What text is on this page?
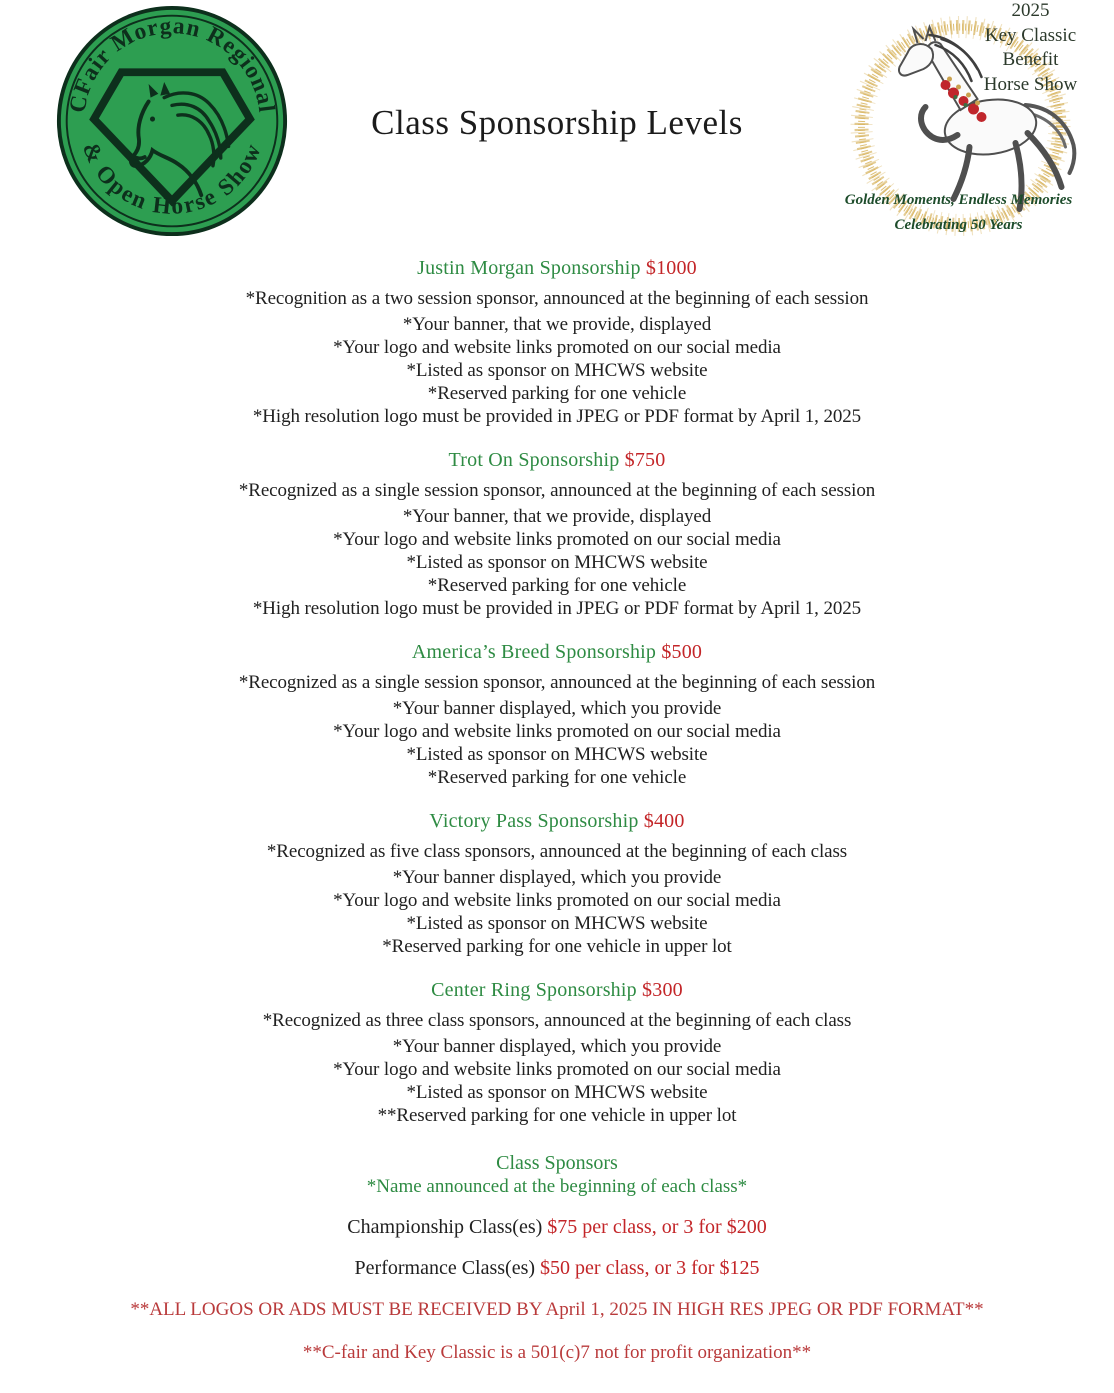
CFair Morgan Regional
& Open Horse Show
Class Sponsorship Levels
2025
Key Classic
Benefit
Horse Show
Golden Moments, Endless Memories
Celebrating 50 Years
Justin Morgan Sponsorship $1000

*Recognition as a two session sponsor, announced at the beginning of each session

*Your banner, that we provide, displayed

*Your logo and website links promoted on our social media

*Listed as sponsor on MHCWS website

*Reserved parking for one vehicle

*High resolution logo must be provided in JPEG or PDF format by April 1, 2025

Trot On Sponsorship $750

*Recognized as a single session sponsor, announced at the beginning of each session

*Your banner, that we provide, displayed

*Your logo and website links promoted on our social media

*Listed as sponsor on MHCWS website

*Reserved parking for one vehicle

*High resolution logo must be provided in JPEG or PDF format by April 1, 2025

America’s Breed Sponsorship $500

*Recognized as a single session sponsor, announced at the beginning of each session

*Your banner displayed, which you provide

*Your logo and website links promoted on our social media

*Listed as sponsor on MHCWS website

*Reserved parking for one vehicle

Victory Pass Sponsorship $400

*Recognized as five class sponsors, announced at the beginning of each class

*Your banner displayed, which you provide

*Your logo and website links promoted on our social media

*Listed as sponsor on MHCWS website

*Reserved parking for one vehicle in upper lot

Center Ring Sponsorship $300

*Recognized as three class sponsors, announced at the beginning of each class

*Your banner displayed, which you provide

*Your logo and website links promoted on our social media

*Listed as sponsor on MHCWS website

**Reserved parking for one vehicle in upper lot

Class Sponsors

*Name announced at the beginning of each class*

Championship Class(es) $75 per class, or 3 for $200

Performance Class(es) $50 per class, or 3 for $125

**ALL LOGOS OR ADS MUST BE RECEIVED BY April 1, 2025 IN HIGH RES JPEG OR PDF FORMAT**

**C-fair and Key Classic is a 501(c)7 not for profit organization**
